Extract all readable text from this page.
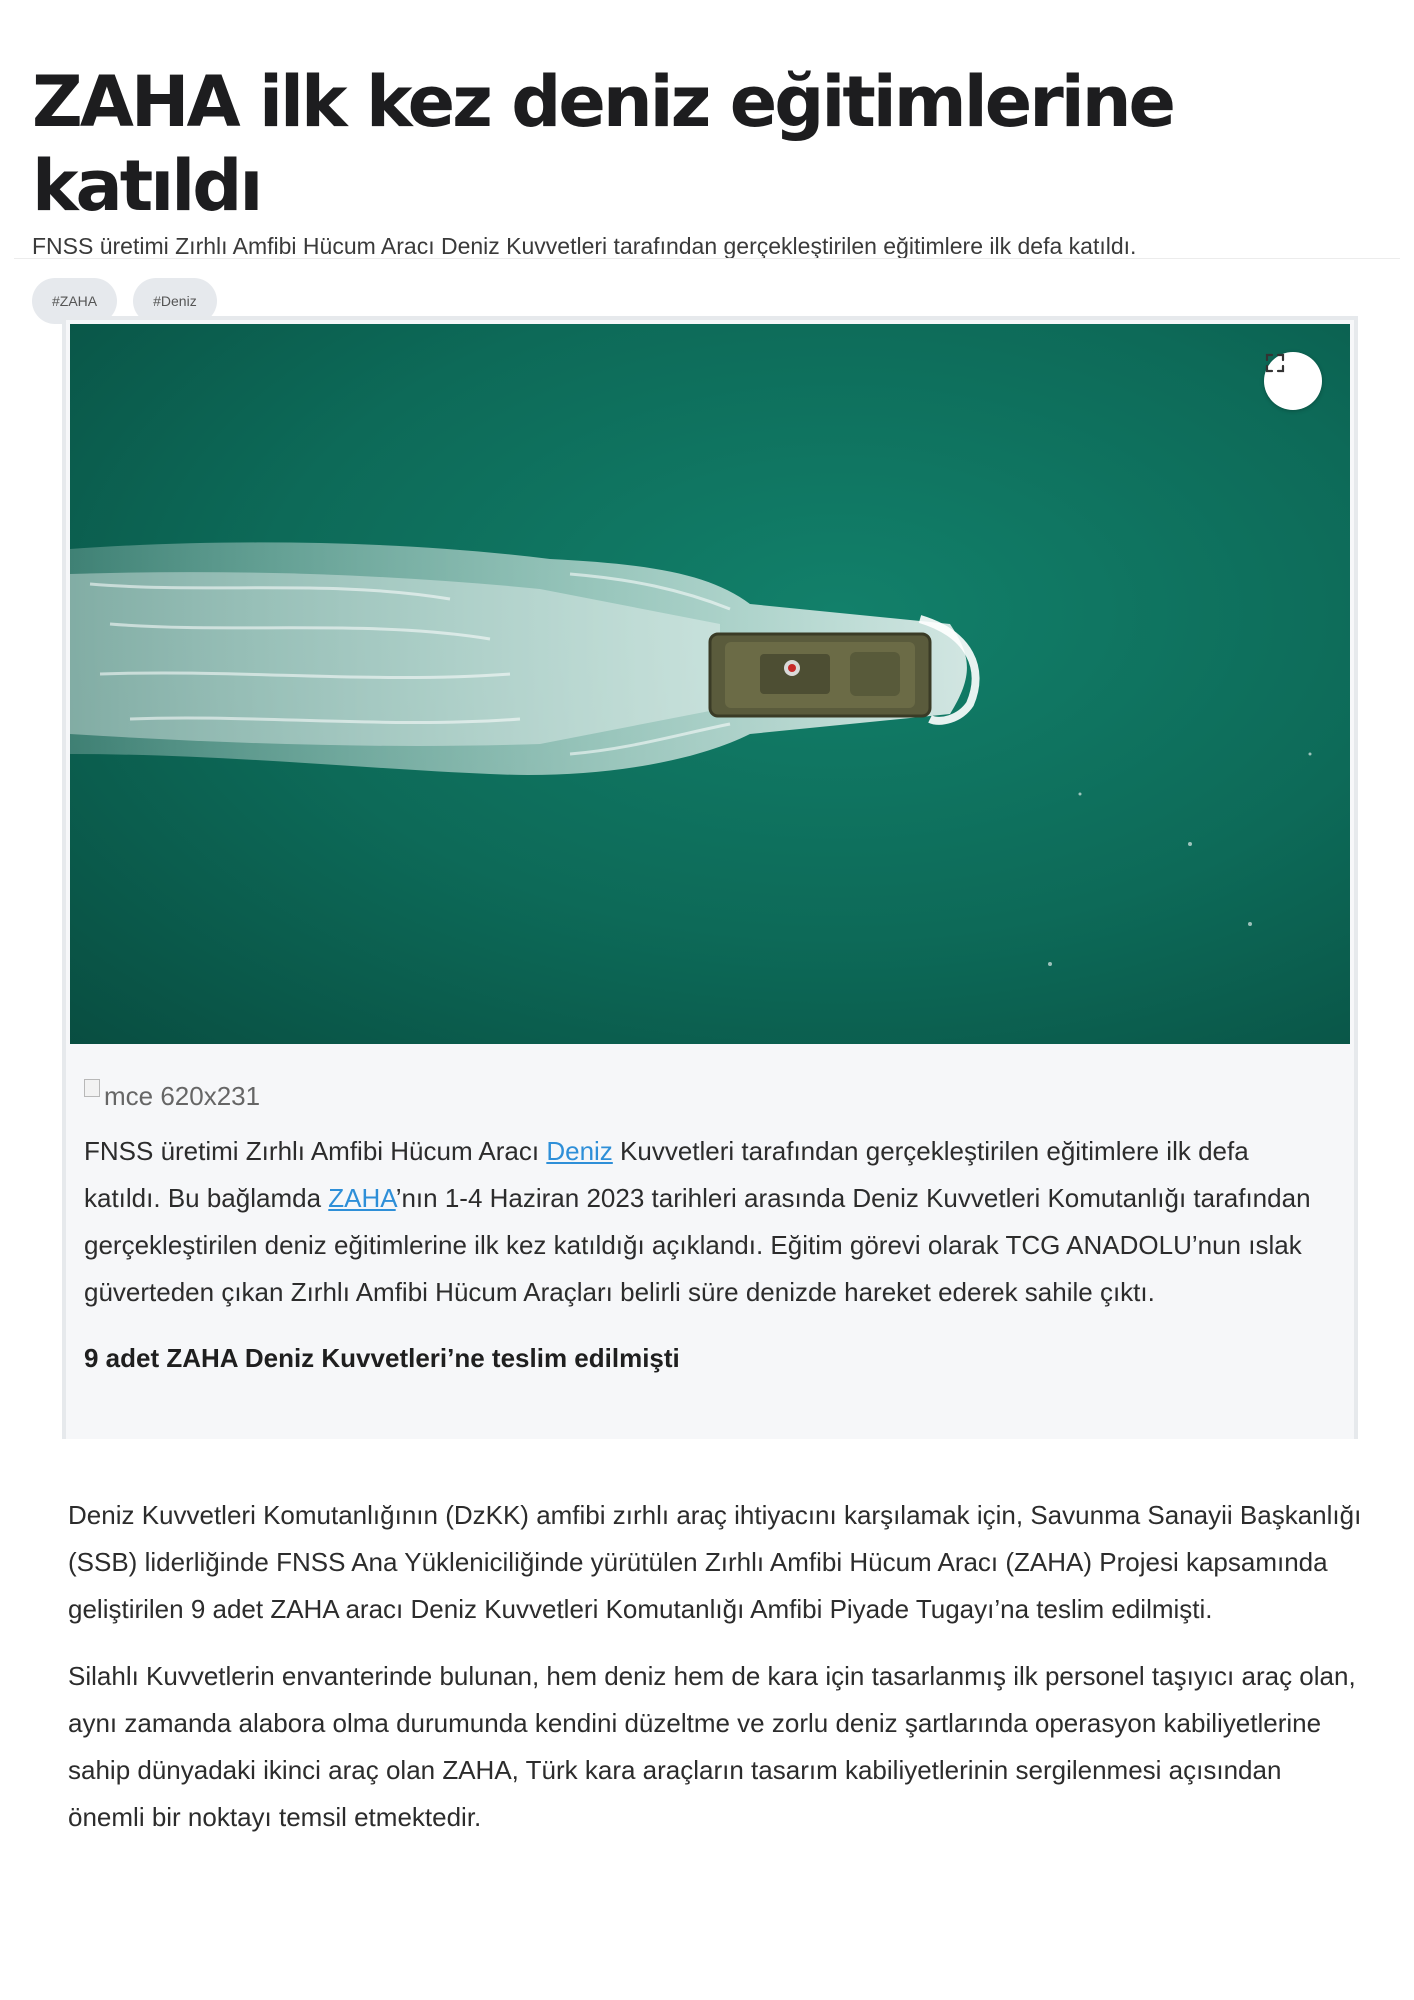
ZAHA ilk kez deniz eğitimlerine katıldı

FNSS üretimi Zırhlı Amfibi Hücum Aracı Deniz Kuvvetleri tarafından gerçekleştirilen eğitimlere ilk defa katıldı.

#ZAHA	#Deniz
mce 620x231

FNSS üretimi Zırhlı Amfibi Hücum Aracı Deniz Kuvvetleri tarafından gerçekleştirilen eğitimlere ilk defa katıldı. Bu bağlamda ZAHA’nın 1-4 Haziran 2023 tarihleri arasında Deniz Kuvvetleri Komutanlığı tarafından gerçekleştirilen deniz eğitimlerine ilk kez katıldığı açıklandı. Eğitim görevi olarak TCG ANADOLU’nun ıslak güverteden çıkan Zırhlı Amfibi Hücum Araçları belirli süre denizde hareket ederek sahile çıktı.

9 adet ZAHA Deniz Kuvvetleri’ne teslim edilmişti

Deniz Kuvvetleri Komutanlığının (DzKK) amfibi zırhlı araç ihtiyacını karşılamak için, Savunma Sanayii Başkanlığı (SSB) liderliğinde FNSS Ana Yükleniciliğinde yürütülen Zırhlı Amfibi Hücum Aracı (ZAHA) Projesi kapsamında geliştirilen 9 adet ZAHA aracı Deniz Kuvvetleri Komutanlığı Amfibi Piyade Tugayı’na teslim edilmişti.

Silahlı Kuvvetlerin envanterinde bulunan, hem deniz hem de kara için tasarlanmış ilk personel taşıyıcı araç olan, aynı zamanda alabora olma durumunda kendini düzeltme ve zorlu deniz şartlarında operasyon kabiliyetlerine sahip dünyadaki ikinci araç olan ZAHA, Türk kara araçların tasarım kabiliyetlerinin sergilenmesi açısından önemli bir noktayı temsil etmektedir.
